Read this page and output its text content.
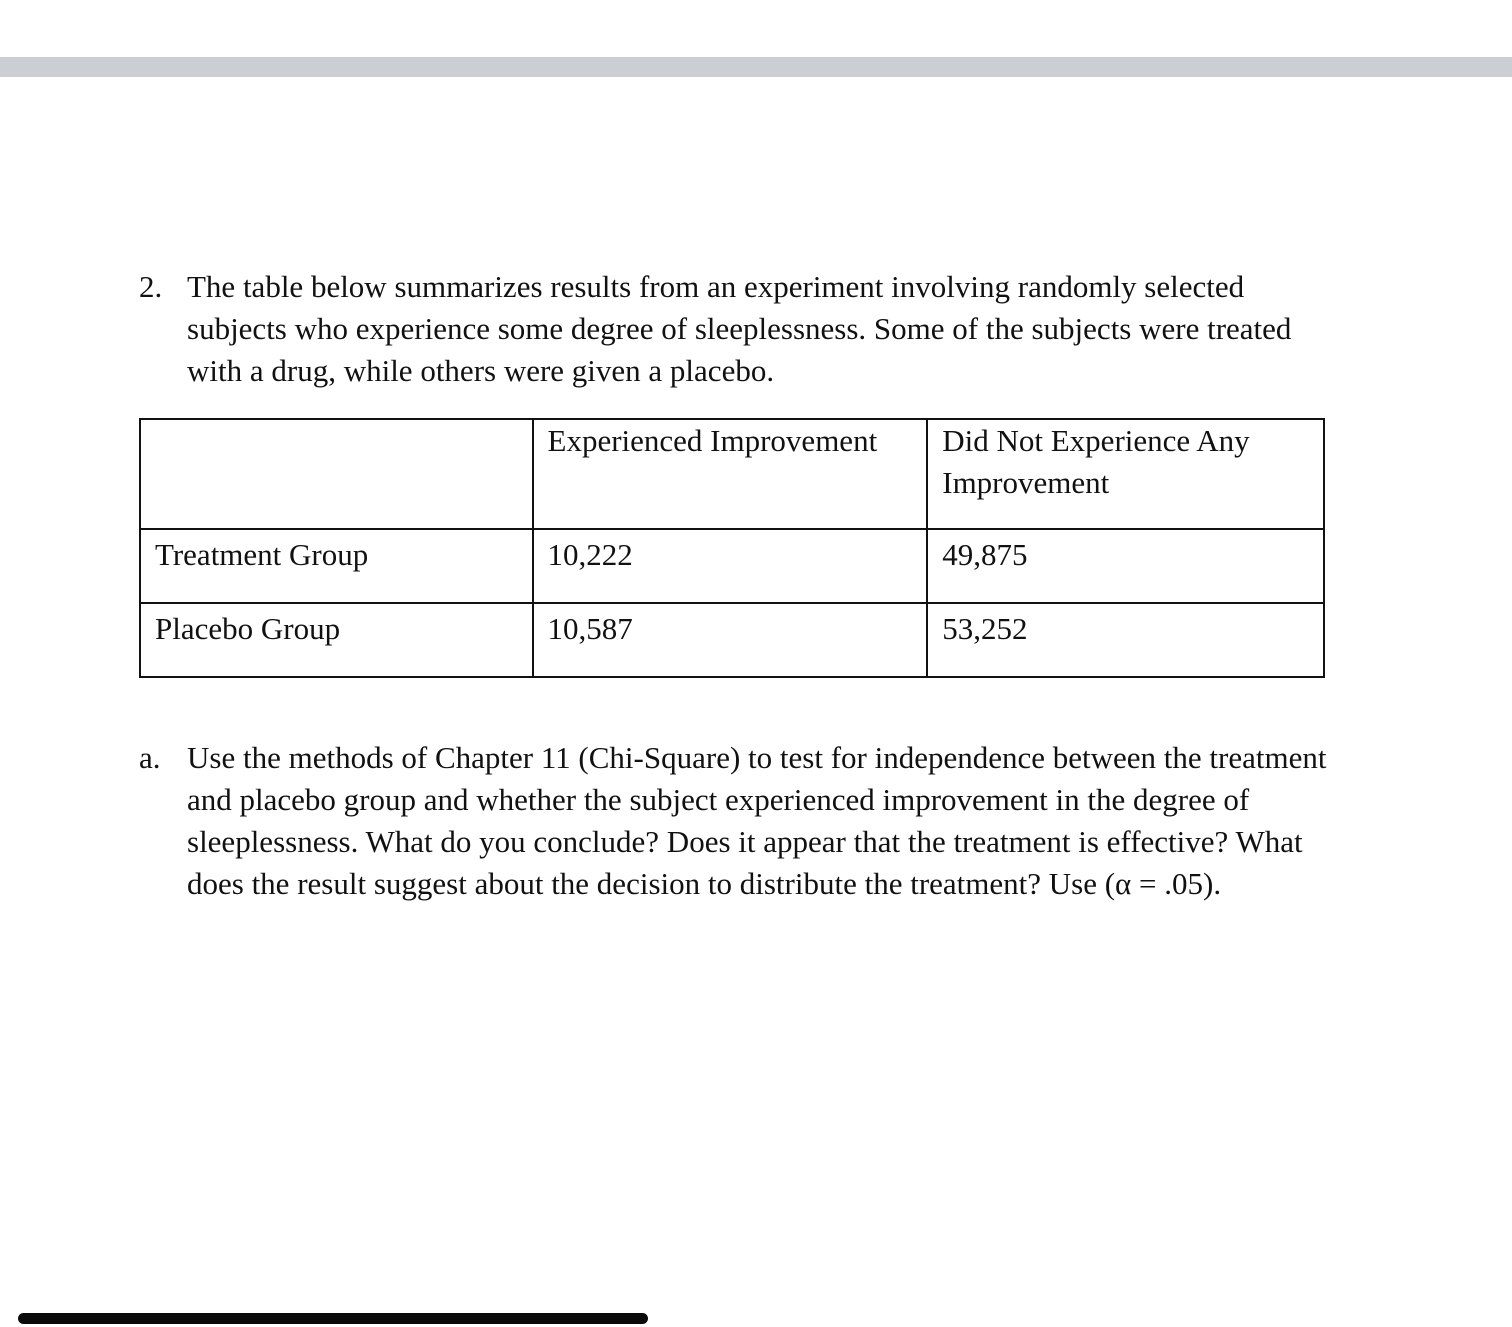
2. The table below summarizes results from an experiment involving randomly selected subjects who experience some degree of sleeplessness. Some of the subjects were treated with a drug, while others were given a placebo.
	Experienced Improvement	Did Not Experience Any Improvement
Treatment Group	10,222	49,875
Placebo Group	10,587	53,252
a. Use the methods of Chapter 11 (Chi-Square) to test for independence between the treatment and placebo group and whether the subject experienced improvement in the degree of sleeplessness. What do you conclude? Does it appear that the treatment is effective? What does the result suggest about the decision to distribute the treatment? Use (α = .05).
